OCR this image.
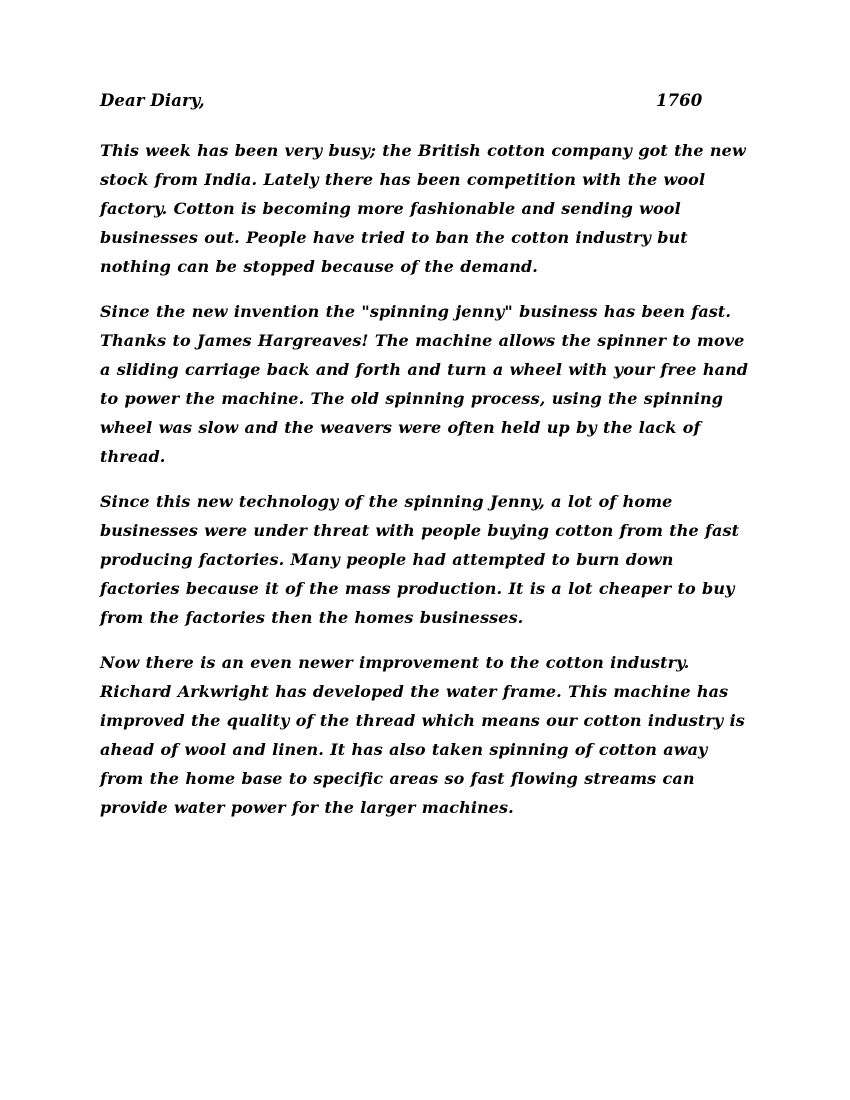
Dear Diary,	1760

This week has been very busy; the British cotton company got the new stock from India. Lately there has been competition with the wool factory. Cotton is becoming more fashionable and sending wool businesses out. People have tried to ban the cotton industry but nothing can be stopped because of the demand.

Since the new invention the "spinning jenny" business has been fast. Thanks to James Hargreaves! The machine allows the spinner to move a sliding carriage back and forth and turn a wheel with your free hand to power the machine. The old spinning process, using the spinning wheel was slow and the weavers were often held up by the lack of thread.

Since this new technology of the spinning Jenny, a lot of home businesses were under threat with people buying cotton from the fast producing factories. Many people had attempted to burn down factories because it of the mass production. It is a lot cheaper to buy from the factories then the homes businesses.

Now there is an even newer improvement to the cotton industry. Richard Arkwright has developed the water frame. This machine has improved the quality of the thread which means our cotton industry is ahead of wool and linen. It has also taken spinning of cotton away from the home base to specific areas so fast flowing streams can provide water power for the larger machines.
